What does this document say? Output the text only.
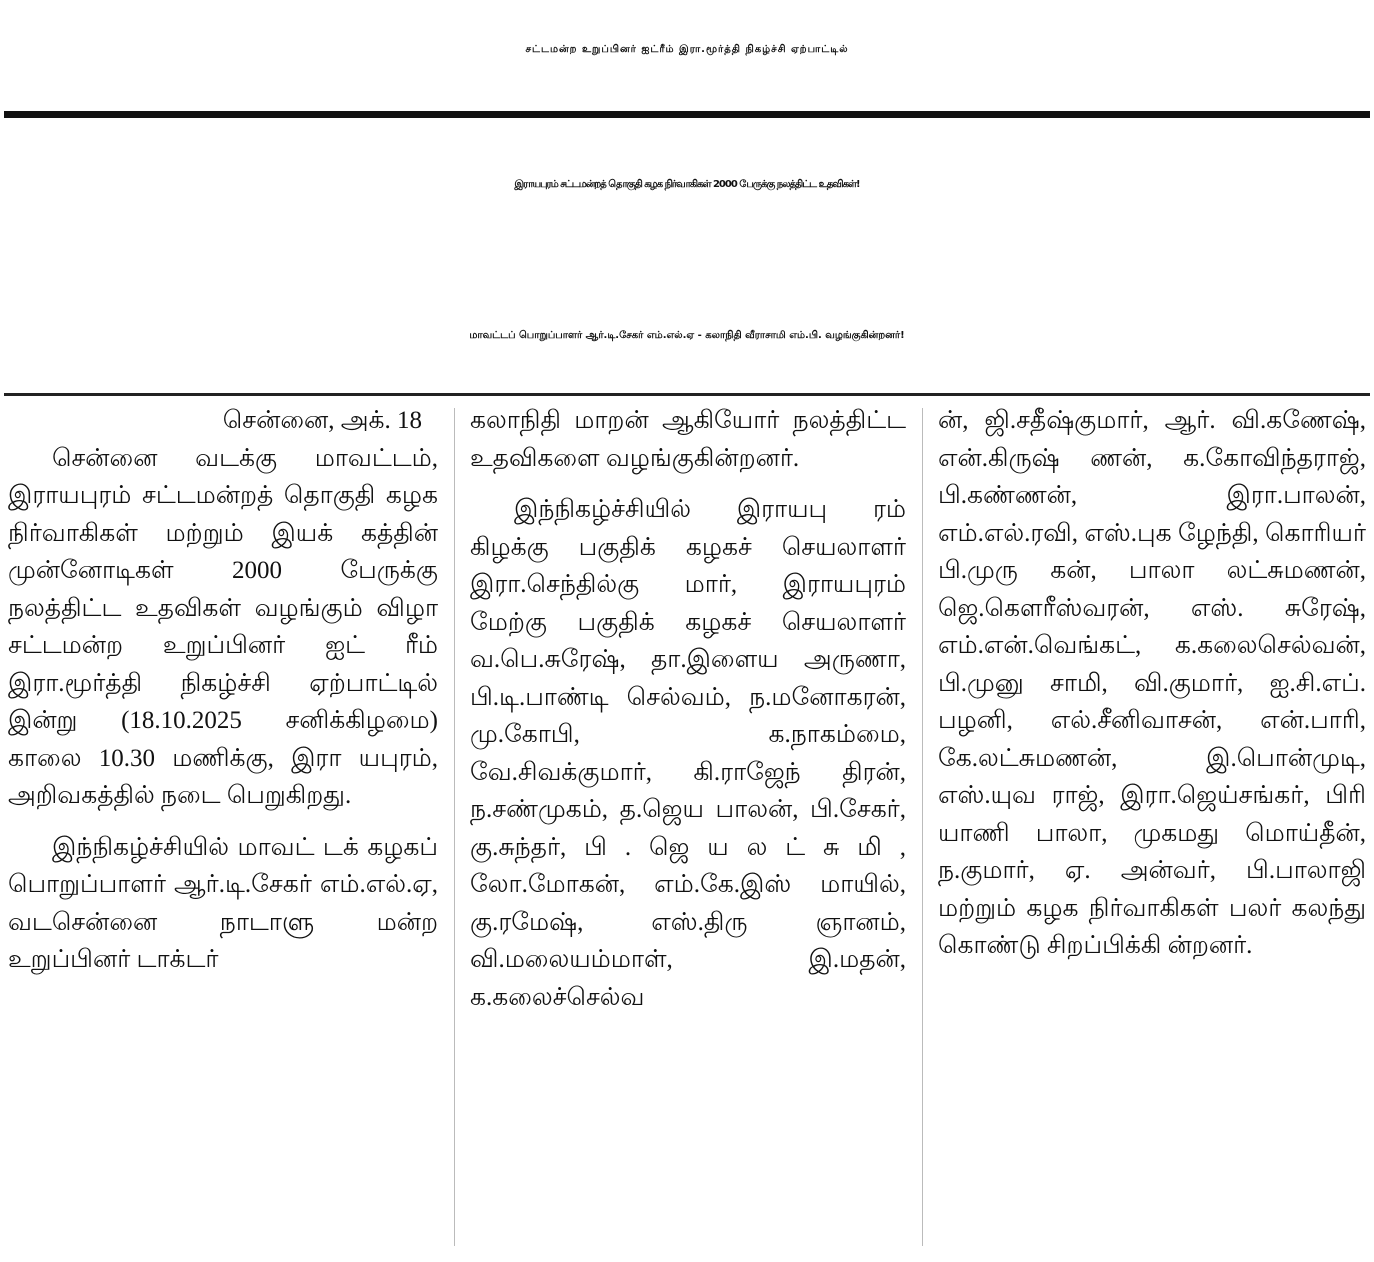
சட்டமன்ற உறுப்பினர் ஐட்ரீம் இரா.மூர்த்தி நிகழ்ச்சி ஏற்பாட்டில்
இராயபுரம் சட்டமன்றத் தொகுதி கழக நிர்வாகிகள் 2000 பேருக்கு நலத்திட்ட உதவிகள்!
மாவட்டப் பொறுப்பாளர் ஆர்.டி.சேகர் எம்.எல்.ஏ - கலாநிதி வீராசாமி எம்.பி. வழங்குகின்றனர்!

சென்னை, அக். 18

சென்னை வடக்கு மாவட்டம், இராயபுரம் சட்டமன்றத் தொகுதி கழக நிர்வாகிகள் மற்றும் இயக் கத்தின் முன்னோடிகள் 2000 பேருக்கு நலத்திட்ட உதவிகள் வழங்கும் விழா சட்டமன்ற உறுப்பினர் ஐட் ரீம் இரா.மூர்த்தி நிகழ்ச்சி ஏற்பாட்டில் இன்று (18.10.2025 சனிக்கிழமை) காலை 10.30 மணிக்கு, இரா யபுரம், அறிவகத்தில் நடை பெறுகிறது.

இந்நிகழ்ச்சியில் மாவட் டக் கழகப் பொறுப்பாளர் ஆர்.டி.சேகர் எம்.எல்.ஏ, வடசென்னை நாடாளு மன்ற உறுப்பினர் டாக்டர்

கலாநிதி மாறன் ஆகியோர் நலத்திட்ட உதவிகளை வழங்குகின்றனர்.

இந்நிகழ்ச்சியில் இராயபு ரம் கிழக்கு பகுதிக் கழகச் செயலாளர் இரா.செந்தில்கு மார், இராயபுரம் மேற்கு பகுதிக் கழகச் செயலாளர் வ.பெ.சுரேஷ், தா.இளைய அருணா, பி.டி.பாண்டி செல்வம், ந.மனோகரன், மு.கோபி, க.நாகம்மை, வே.சிவக்குமார், கி.ராஜேந் திரன், ந.சண்முகம், த.ஜெய பாலன், பி.சேகர், கு.சுந்தர், பி . ஜெ ய ல ட் சு மி , லோ.மோகன், எம்.கே.இஸ் மாயில், கு.ரமேஷ், எஸ்.திரு ஞானம், வி.மலையம்மாள், இ.மதன், க.கலைச்செல்வ

ன், ஜி.சதீஷ்குமார், ஆர். வி.கணேஷ், என்.கிருஷ் ணன், க.கோவிந்தராஜ், பி.கண்ணன், இரா.பாலன், எம்.எல்.ரவி, எஸ்.புக ழேந்தி, கொரியர் பி.முரு கன், பாலா லட்சுமணன், ஜெ.கௌரீஸ்வரன், எஸ். சுரேஷ், எம்.என்.வெங்கட், க.கலைசெல்வன், பி.முனு சாமி, வி.குமார், ஐ.சி.எப். பழனி, எல்.சீனிவாசன், என்.பாரி, கே.லட்சுமணன், இ.பொன்முடி, எஸ்.யுவ ராஜ், இரா.ஜெய்சங்கர், பிரி யாணி பாலா, முகமது மொய்தீன், ந.குமார், ஏ. அன்வர், பி.பாலாஜி மற்றும் கழக நிர்வாகிகள் பலர் கலந்து கொண்டு சிறப்பிக்கி ன்றனர்.
